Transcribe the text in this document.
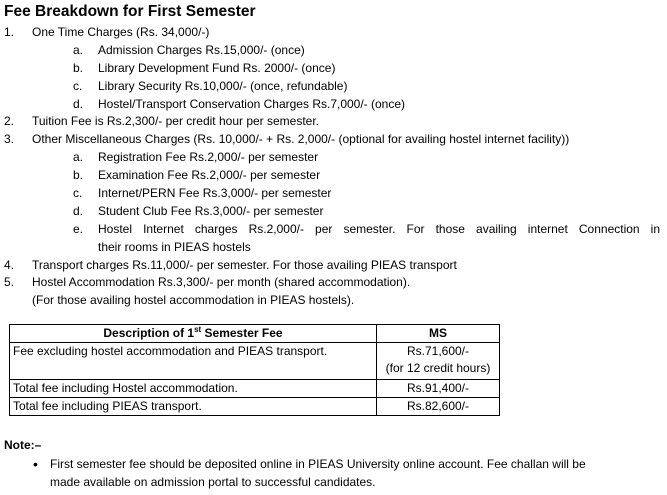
Fee Breakdown for First Semester
1. One Time Charges (Rs. 34,000/-)
a. Admission Charges Rs.15,000/- (once)
b. Library Development Fund Rs. 2000/- (once)
c. Library Security Rs.10,000/- (once, refundable)
d. Hostel/Transport Conservation Charges Rs.7,000/- (once)
2. Tuition Fee is Rs.2,300/- per credit hour per semester.
3. Other Miscellaneous Charges (Rs. 10,000/- + Rs. 2,000/- (optional for availing hostel internet facility))
a. Registration Fee Rs.2,000/- per semester
b. Examination Fee Rs.2,000/- per semester
c. Internet/PERN Fee Rs.3,000/- per semester
d. Student Club Fee Rs.3,000/- per semester
e. Hostel Internet charges Rs.2,000/- per semester. For those availing internet Connection in
their rooms in PIEAS hostels
4. Transport charges Rs.11,000/- per semester. For those availing PIEAS transport
5. Hostel Accommodation Rs.3,300/- per month (shared accommodation).
(For those availing hostel accommodation in PIEAS hostels).
Description of 1st Semester Fee	MS
Fee excluding hostel accommodation and PIEAS transport.	Rs.71,600/-
(for 12 credit hours)

Total fee including Hostel accommodation.	Rs.91,400/-
Total fee including PIEAS transport.	Rs.82,600/-
Note:–
• First semester fee should be deposited online in PIEAS University online account. Fee challan will be
made available on admission portal to successful candidates.
